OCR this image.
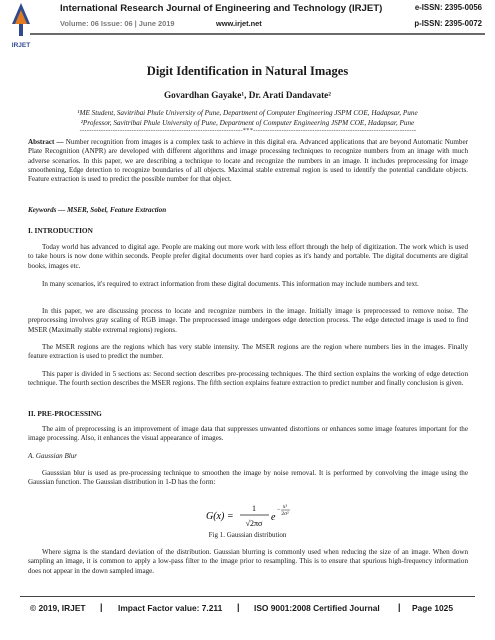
IRJET
International Research Journal of Engineering and Technology (IRJET)
Volume: 06 Issue: 06 | June 2019	www.irjet.net
e-ISSN: 2395-0056
p-ISSN: 2395-0072
Digit Identification in Natural Images
Govardhan Gayake¹, Dr. Arati Dandavate²
¹ME Student, Savitribai Phule University of Pune, Department of Computer Engineering JSPM COE, Hadapsar, Pune
²Professor, Savitribai Phule University of Pune, Department of Computer Engineering JSPM COE, Hadapsar, Pune
---------------------------------------------------------------------***---------------------------------------------------------------------
Abstract — Number recognition from images is a complex task to achieve in this digital era. Advanced applications that are beyond Automatic Number Plate Recognition (ANPR) are developed with different algorithms and image processing techniques to recognize numbers from an image with much adverse scenarios. In this paper, we are describing a technique to locate and recognize the numbers in an image. It includes preprocessing for image smoothening, Edge detection to recognize boundaries of all objects. Maximal stable extremal region is used to identify the potential candidate objects. Feature extraction is used to predict the possible number for that object.
Keywords — MSER, Sobel, Feature Extraction
I. INTRODUCTION
Today world has advanced to digital age. People are making out more work with less effort through the help of digitization. The work which is used to take hours is now done within seconds. People prefer digital documents over hard copies as it's handy and portable. The digital documents are digital books, images etc.
In many scenarios, it's required to extract information from these digital documents. This information may include numbers and text.
In this paper, we are discussing process to locate and recognize numbers in the image. Initially image is preprocessed to remove noise. The preprocessing involves gray scaling of RGB image. The preprocessed image undergoes edge detection process. The edge detected image is used to find MSER (Maximally stable extremal regions) regions.
The MSER regions are the regions which has very stable intensity. The MSER regions are the region where numbers lies in the images. Finally feature extraction is used to predict the number.
This paper is divided in 5 sections as: Second section describes pre-processing techniques. The third section explains the working of edge detection technique. The fourth section describes the MSER regions. The fifth section explains feature extraction to predict number and finally conclusion is given.
II. PRE-PROCESSING
The aim of preprocessing is an improvement of image data that suppresses unwanted distortions or enhances some image features important for the image processing. Also, it enhances the visual appearance of images.
A. Gaussian Blur
Gausssian blur is used as pre-processing technique to smoothen the image by noise removal. It is performed by convolving the image using the Gaussian function. The Gaussian distribution in 1-D has the form:
G(x) =
1
√2πσ
e
− x²
2σ²
Fig 1. Gaussian distribution
Where sigma is the standard deviation of the distribution. Gaussian blurring is commonly used when reducing the size of an image. When down sampling an image, it is common to apply a low-pass filter to the image prior to resampling. This is to ensure that spurious high-frequency information does not appear in the down sampled image.
© 2019, IRJET | Impact Factor value: 7.211 | ISO 9001:2008 Certified Journal | Page 1025
